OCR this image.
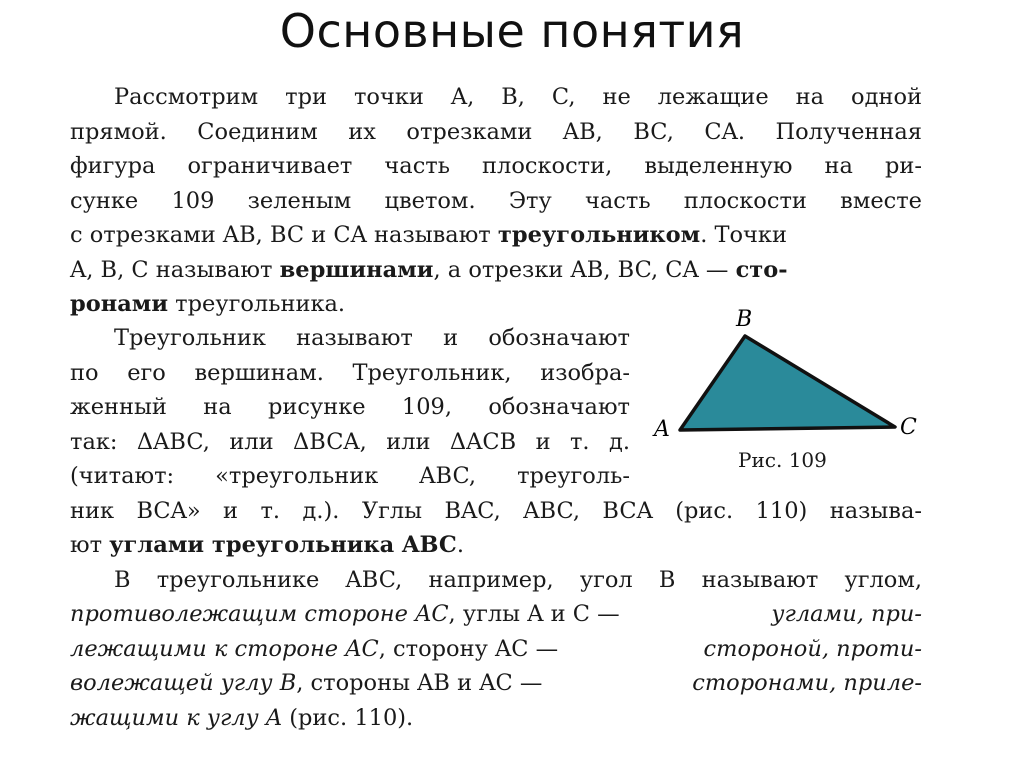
Основные понятия
Рассмотрим три точки A, B, C, не лежащие на одной
прямой. Соединим их отрезками AB, BC, CA. Полученная
фигура ограничивает часть плоскости, выделенную на ри-
сунке 109 зеленым цветом. Эту часть плоскости вместе
с отрезками AB, BC и CA называют треугольником. Точки
A, B, C называют вершинами, а отрезки AB, BC, CA — сто-
ронами треугольника.
Треугольник называют и обозначают
по его вершинам. Треугольник, изобра-
женный на рисунке 109, обозначают
так: ΔABC, или ΔBCA, или ΔACB и т. д.
(читают: «треугольник ABC, треуголь-
ник BCA» и т. д.). Углы BAC, ABC, BCA (рис. 110) называ-
ют углами треугольника ABC.
В треугольнике ABC, например, угол B называют углом,
противолежащим стороне AC, углы A и C —	углами, при-
лежащими к стороне AC, сторону AC —	стороной, проти-
волежащей углу B, стороны AB и AC —	сторонами, приле-
жащими к углу A (рис. 110).
A
B
C
Рис. 109
